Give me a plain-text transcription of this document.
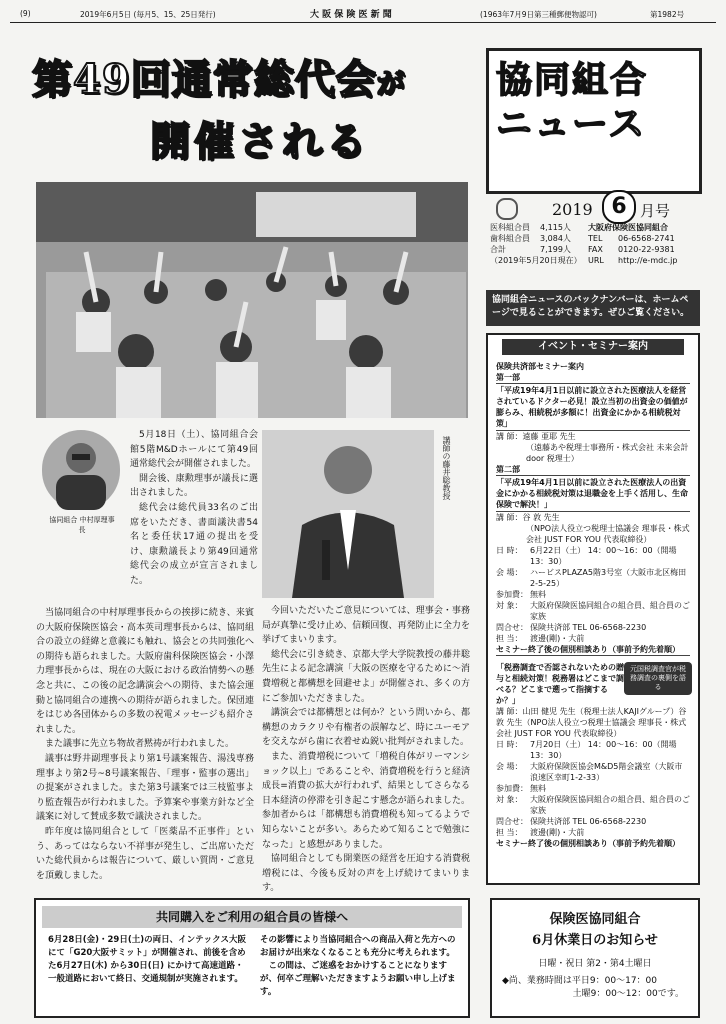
(9)	2019年6月5日 (毎月5、15、25日発行)	大 阪 保 険 医 新 聞	(1963年7月9日第三種郵便物認可)	第1982号
第49回通常総代会が
開催される
協同組合 中村厚理事長
講師の藤井聡教授

5月18日（土）、協同組合会館5階M&Dホールにて第49回通常総代会が開催されました。

開会後、康勲理事が議長に選出されました。

総代会は総代員33名のご出席をいただき、書面議決書54名と委任状17通の提出を受け、康勲議長より第49回通常総代会の成立が宣言されました。

当協同組合の中村厚理事長からの挨拶に続き、来賓の大阪府保険医協会・高本英司理事長からは、協同組合の設立の経緯と意義にも触れ、協会との共同強化への期待も語られました。大阪府歯科保険医協会・小澤力理事長からは、現在の大阪における政治情勢への懸念と共に、この後の記念講演会への期待、また協会運動と協同組合の連携への期待が語られました。保団連をはじめ各団体からの多数の祝電メッセージも紹介されました。

また議事に先立ち物故者黙祷が行われました。

議事は野井副理事長より第1号議案報告、湯浅専務理事より第2号~8号議案報告、「理事・監事の選出」の提案がされました。また第3号議案では三枝監事より監査報告が行われました。予算案や事業方針など全議案に対して賛成多数で議決されました。

昨年度は協同組合として「医薬品不正事件」という、あってはならない不祥事が発生し、ご出席いただいた総代員からは報告について、厳しい質問・ご意見を頂戴しました。

今回いただいたご意見については、理事会・事務局が真摯に受け止め、信頼回復、再発防止に全力を挙げてまいります。

総代会に引き続き、京都大学大学院教授の藤井聡先生による記念講演「大阪の医療を守るために～消費増税と都構想を回避せよ」が開催され、多くの方にご参加いただきました。

講演会では都構想とは何か？という問いから、都構想のカラクリや有権者の誤解など、時にユーモアを交えながら歯に衣着せぬ鋭い批判がされました。

また、消費増税について「増税自体がリーマンショック以上」であることや、消費増税を行うと経済成長=消費の拡大が行われず、結果としてさらなる日本経済の停滞を引き起こす懸念が語られました。参加者からは「都構想も消費増税も知ってるようで知らないことが多い。あらためて知ることで勉強になった」と感想がありました。

協同組合としても開業医の経営を圧迫する消費税増税には、今後も反対の声を上げ続けてまいります。

協同組合
ニュース
2019 6 月号
医科組合員	4,115人
歯科組合員	3,084人
合計	7,199人
（2019年5月20日現在）
大阪府保険医協同組合
TEL	06-6568-2741
FAX	0120-22-9381
URL	http://e-mdc.jp
協同組合ニュースのバックナンバーは、ホームページで見ることができます。ぜひご覧ください。
イベント・セミナー案内
保険共済部セミナー案内
第一部
「平成19年4月1日以前に設立された医療法人を経営されているドクター必見！設立当初の出資金の価値が膨らみ、相続税が多額に！出資金にかかる相続税対策」
講 師：遠藤 亜耶 先生
（遠藤あや税理士事務所・株式会社 未来会計door 税理士）
第二部
「平成19年4月1日以前に設立された医療法人の出資金にかかる相続税対策は退職金を上手く活用し、生命保険で解決！」
講 師：谷 敦 先生
（NPO法人役立つ税理士協議会 理事長・株式会社 JUST FOR YOU 代表取締役）
日 時： 6月22日（土） 14：00～16：00（開場 13：30）
会 場： ハービスPLAZA5階3号室（大阪市北区梅田2-5-25）
参加費： 無料
対 象： 大阪府保険医協同組合の組合員、組合員のご家族
問合せ： 保険共済部 TEL 06-6568-2230
担 当： 渡邊(剛)・大前
セミナー終了後の個別相談あり（事前予約先着順）
「税務調査で否認されないための贈与と相続対策！税務署はどこまで調べる？どこまで遡って指摘するか？」
元国税調査官が税務調査の裏側を語る
講 師：山田 健児 先生（税理士法人KAJIグループ）谷 敦 先生（NPO法人役立つ税理士協議会 理事長・株式会社 JUST FOR YOU 代表取締役）
日 時： 7月20日（土） 14：00～16：00（開場 13：30）
会 場： 大阪府保険医協会M&D5階会議室（大阪市浪速区幸町1-2-33）
参加費： 無料
対 象： 大阪府保険医協同組合の組合員、組合員のご家族
問合せ： 保険共済部 TEL 06-6568-2230
担 当： 渡邊(剛)・大前
セミナー終了後の個別相談あり（事前予約先着順）
共同購入をご利用の組合員の皆様へ
6月28日(金)・29日(土)の両日、インテックス大阪にて「G20大阪サミット」が開催され、前後を含めた6月27日(木) から30日(日) にかけて高速道路・一般道路において終日、交通規制が実施されます。
その影響により当協同組合への商品入荷と先方へのお届けが出来なくなることも充分に考えられます。
この間は、ご迷惑をおかけすることになりますが、何卒ご理解いただきますようお願い申し上げます。
保険医協同組合
6月休業日のお知らせ
日曜・祝日 第2・第4土曜日
◆尚、業務時間は平日9：00～17：00
土曜9：00～12：00です。
